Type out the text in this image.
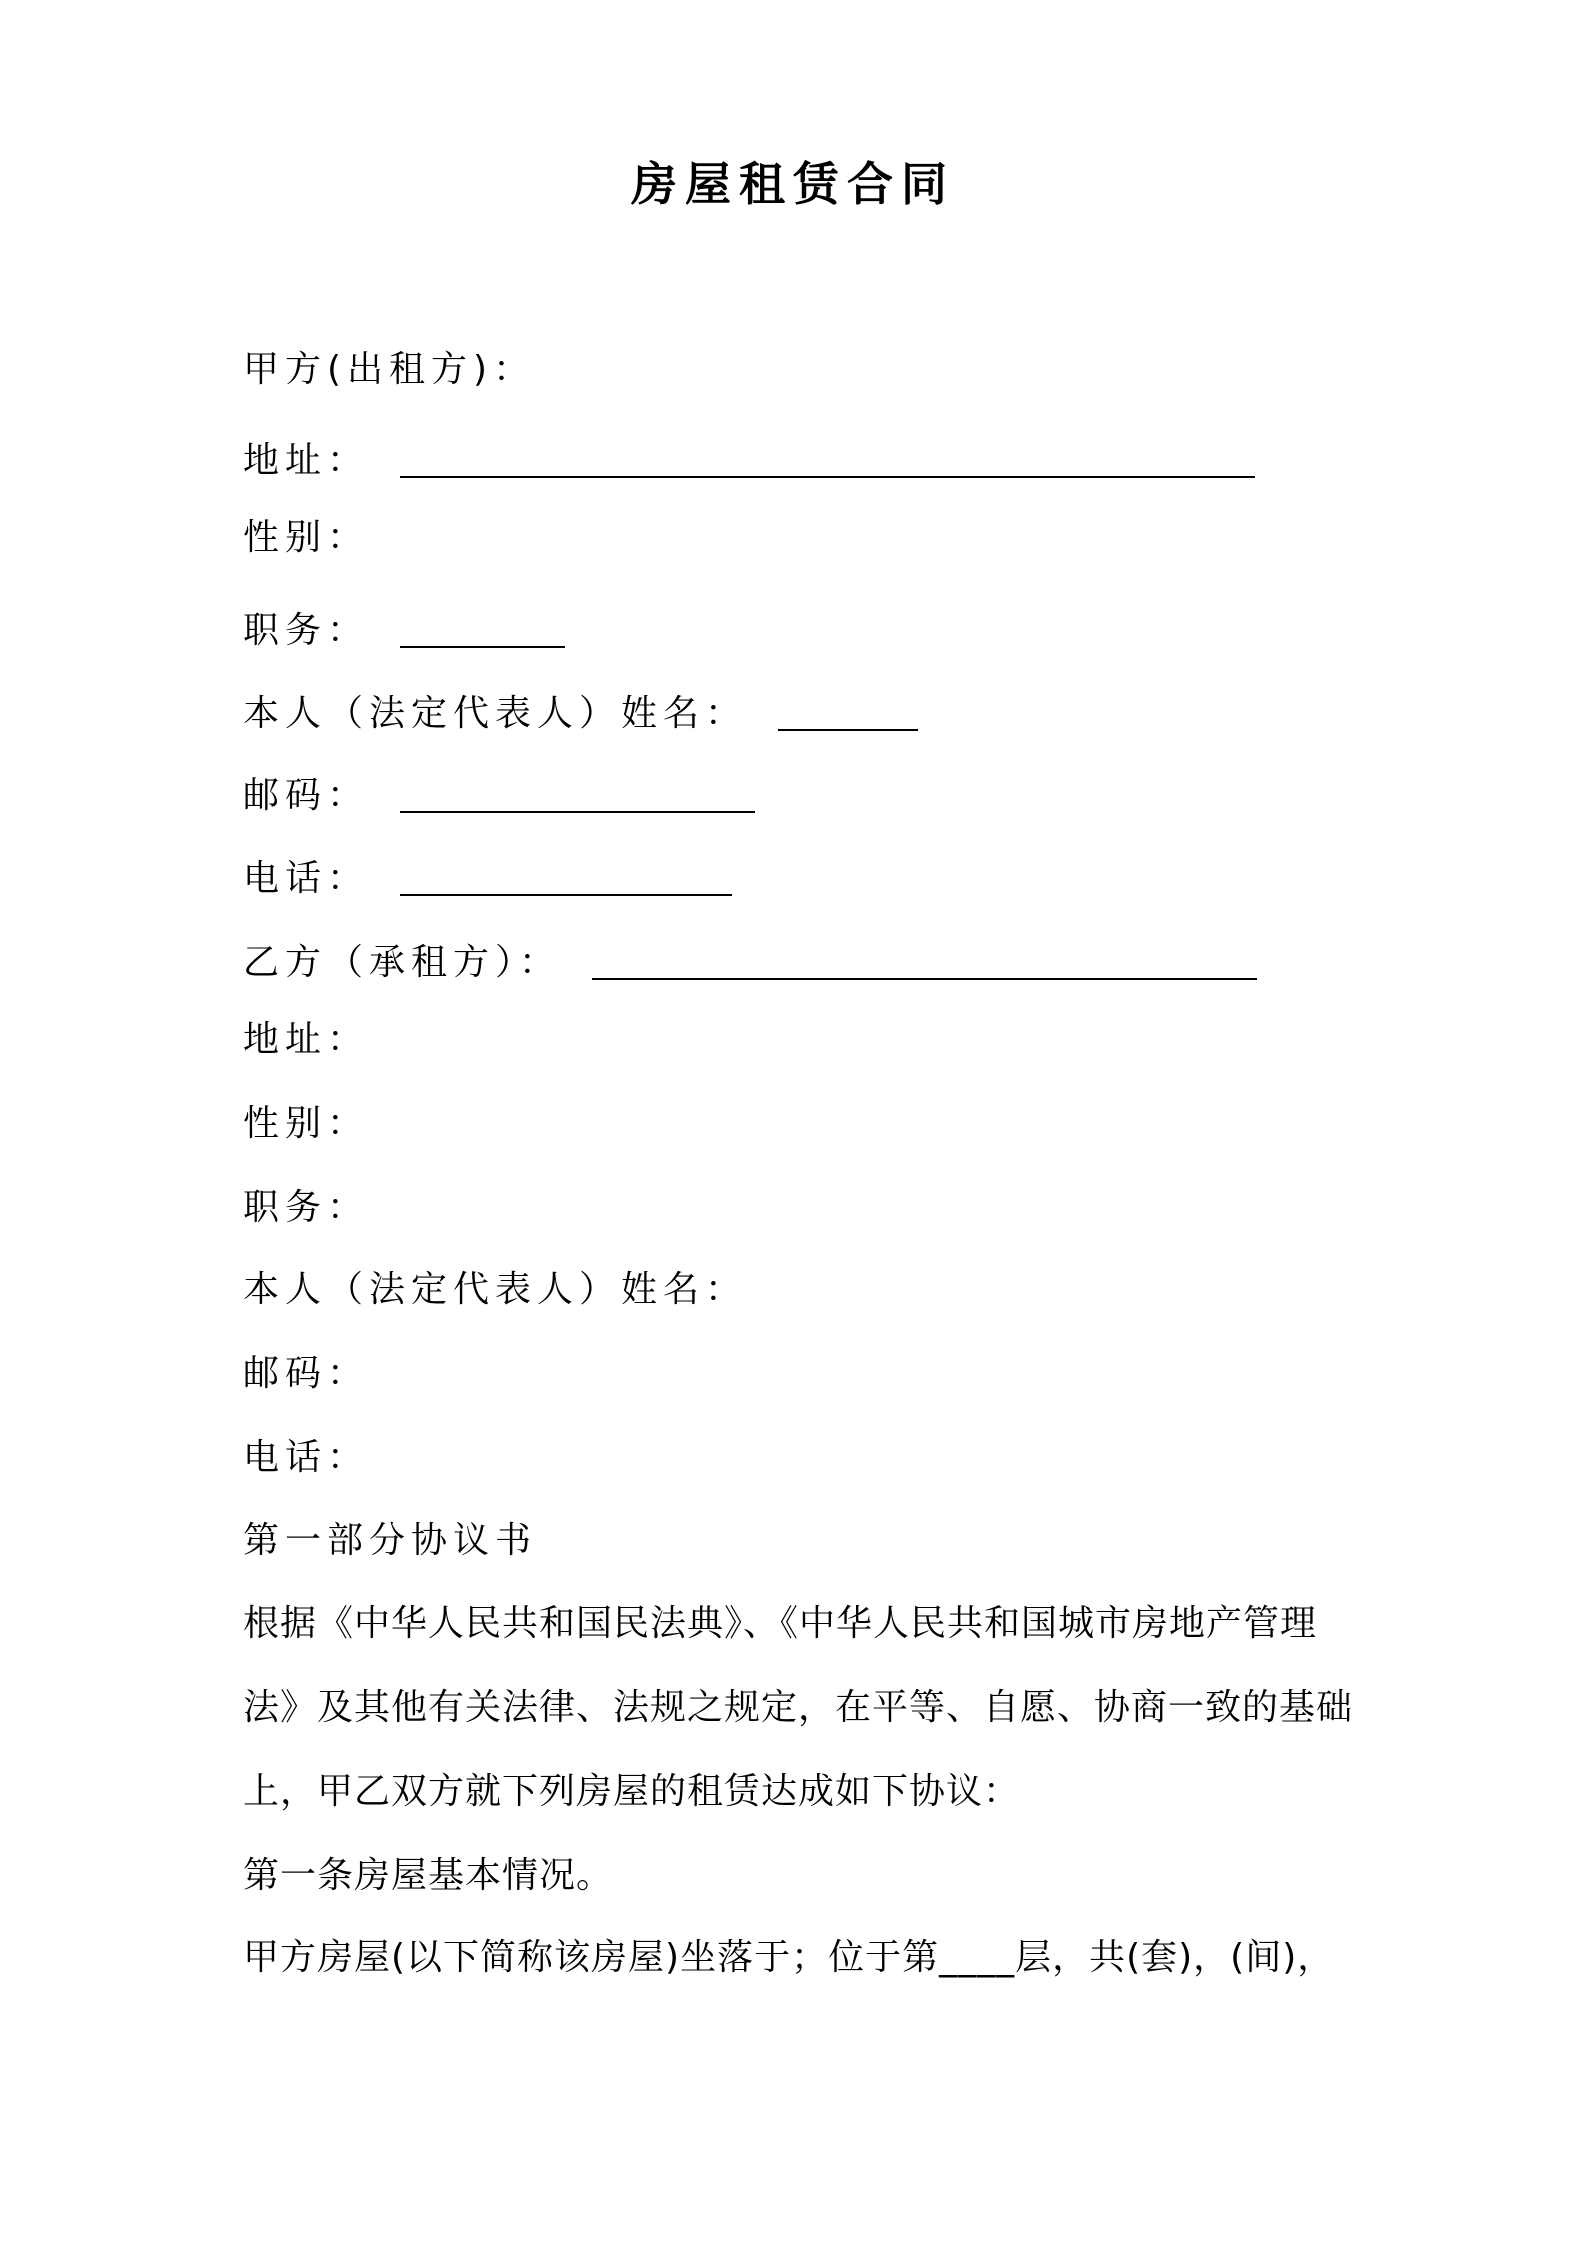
房屋租赁合同
甲方(出租方)：
地址：
性别：
职务：
本人（法定代表人）姓名：
邮码：
电话：
乙方（承租方）：
地址：
性别：
职务：
本人（法定代表人）姓名：
邮码：
电话：
第一部分协议书
根据《中华人民共和国民法典》、《中华人民共和国城市房地产管理
法》及其他有关法律、法规之规定，在平等、自愿、协商一致的基础
上，甲乙双方就下列房屋的租赁达成如下协议：
第一条房屋基本情况。
甲方房屋(以下简称该房屋)坐落于；位于第____层，共(套)，(间)，
